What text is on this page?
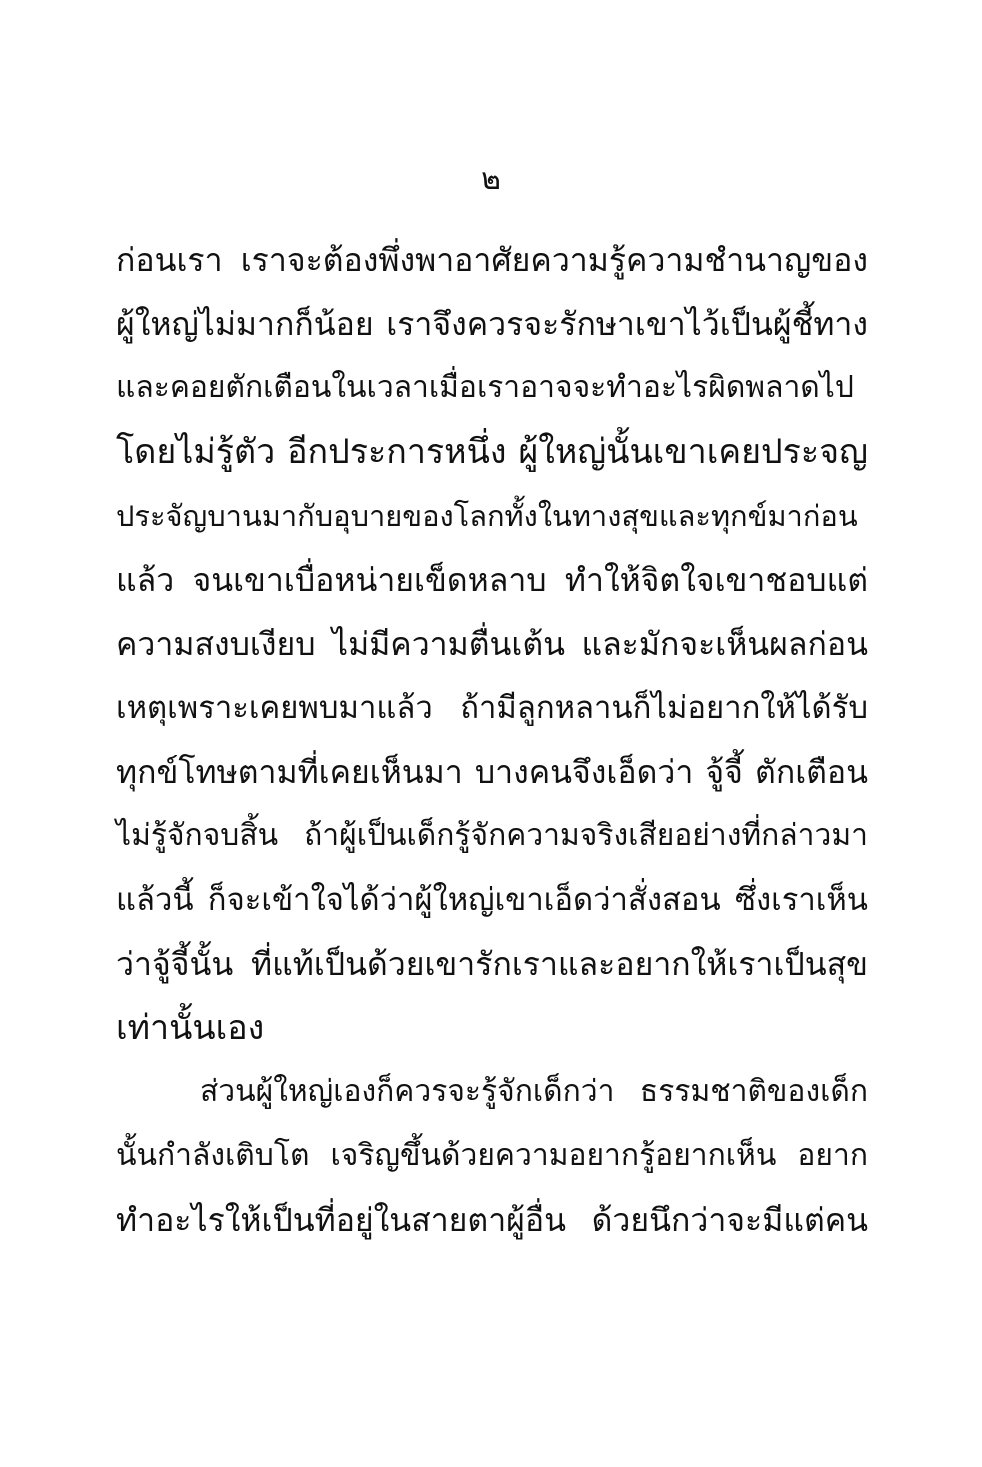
๒
ก่อนเรา เราจะต้องพึ่งพาอาศัยความรู้ความชำนาญของ
ผู้ใหญ่ไม่มากก็น้อย เราจึงควรจะรักษาเขาไว้เป็นผู้ชี้ทาง
และคอยตักเตือนในเวลาเมื่อเราอาจจะทำอะไรผิดพลาดไป
โดยไม่รู้ตัว อีกประการหนึ่ง ผู้ใหญ่นั้นเขาเคยประจญ
ประจัญบานมากับอุบายของโลกทั้งในทางสุขและทุกข์มาก่อน
แล้ว จนเขาเบื่อหน่ายเข็ดหลาบ ทำให้จิตใจเขาชอบแต่
ความสงบเงียบ ไม่มีความตื่นเต้น และมักจะเห็นผลก่อน
เหตุเพราะเคยพบมาแล้ว ถ้ามีลูกหลานก็ไม่อยากให้ได้รับ
ทุกข์โทษตามที่เคยเห็นมา บางคนจึงเอ็ดว่า จู้จี้ ตักเตือน
ไม่รู้จักจบสิ้น ถ้าผู้เป็นเด็กรู้จักความจริงเสียอย่างที่กล่าวมา
แล้วนี้ ก็จะเข้าใจได้ว่าผู้ใหญ่เขาเอ็ดว่าสั่งสอน ซึ่งเราเห็น
ว่าจู้จี้นั้น ที่แท้เป็นด้วยเขารักเราและอยากให้เราเป็นสุข
เท่านั้นเอง
ส่วนผู้ใหญ่เองก็ควรจะรู้จักเด็กว่า ธรรมชาติของเด็ก
นั้นกำลังเติบโต เจริญขึ้นด้วยความอยากรู้อยากเห็น อยาก
ทำอะไรให้เป็นที่อยู่ในสายตาผู้อื่น ด้วยนึกว่าจะมีแต่คน
